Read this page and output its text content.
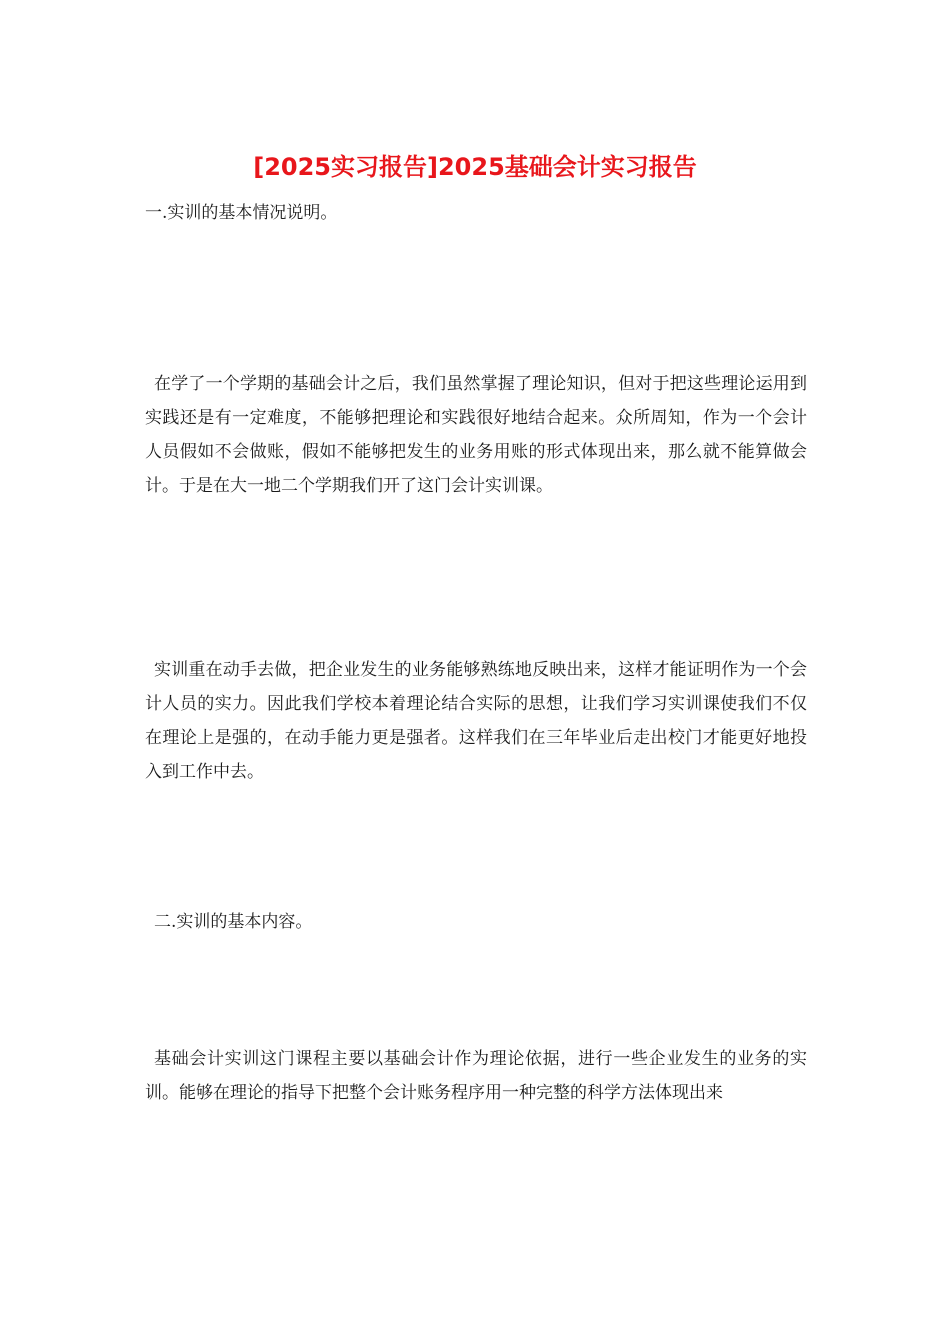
[2025实习报告]2025基础会计实习报告

一.实训的基本情况说明。

在学了一个学期的基础会计之后，我们虽然掌握了理论知识，但对于把这些理论运用到实践还是有一定难度，不能够把理论和实践很好地结合起来。众所周知，作为一个会计人员假如不会做账，假如不能够把发生的业务用账的形式体现出来，那么就不能算做会计。于是在大一地二个学期我们开了这门会计实训课。

实训重在动手去做，把企业发生的业务能够熟练地反映出来，这样才能证明作为一个会计人员的实力。因此我们学校本着理论结合实际的思想，让我们学习实训课使我们不仅在理论上是强的，在动手能力更是强者。这样我们在三年毕业后走出校门才能更好地投入到工作中去。

二.实训的基本内容。

基础会计实训这门课程主要以基础会计作为理论依据，进行一些企业发生的业务的实训。能够在理论的指导下把整个会计账务程序用一种完整的科学方法体现出来
